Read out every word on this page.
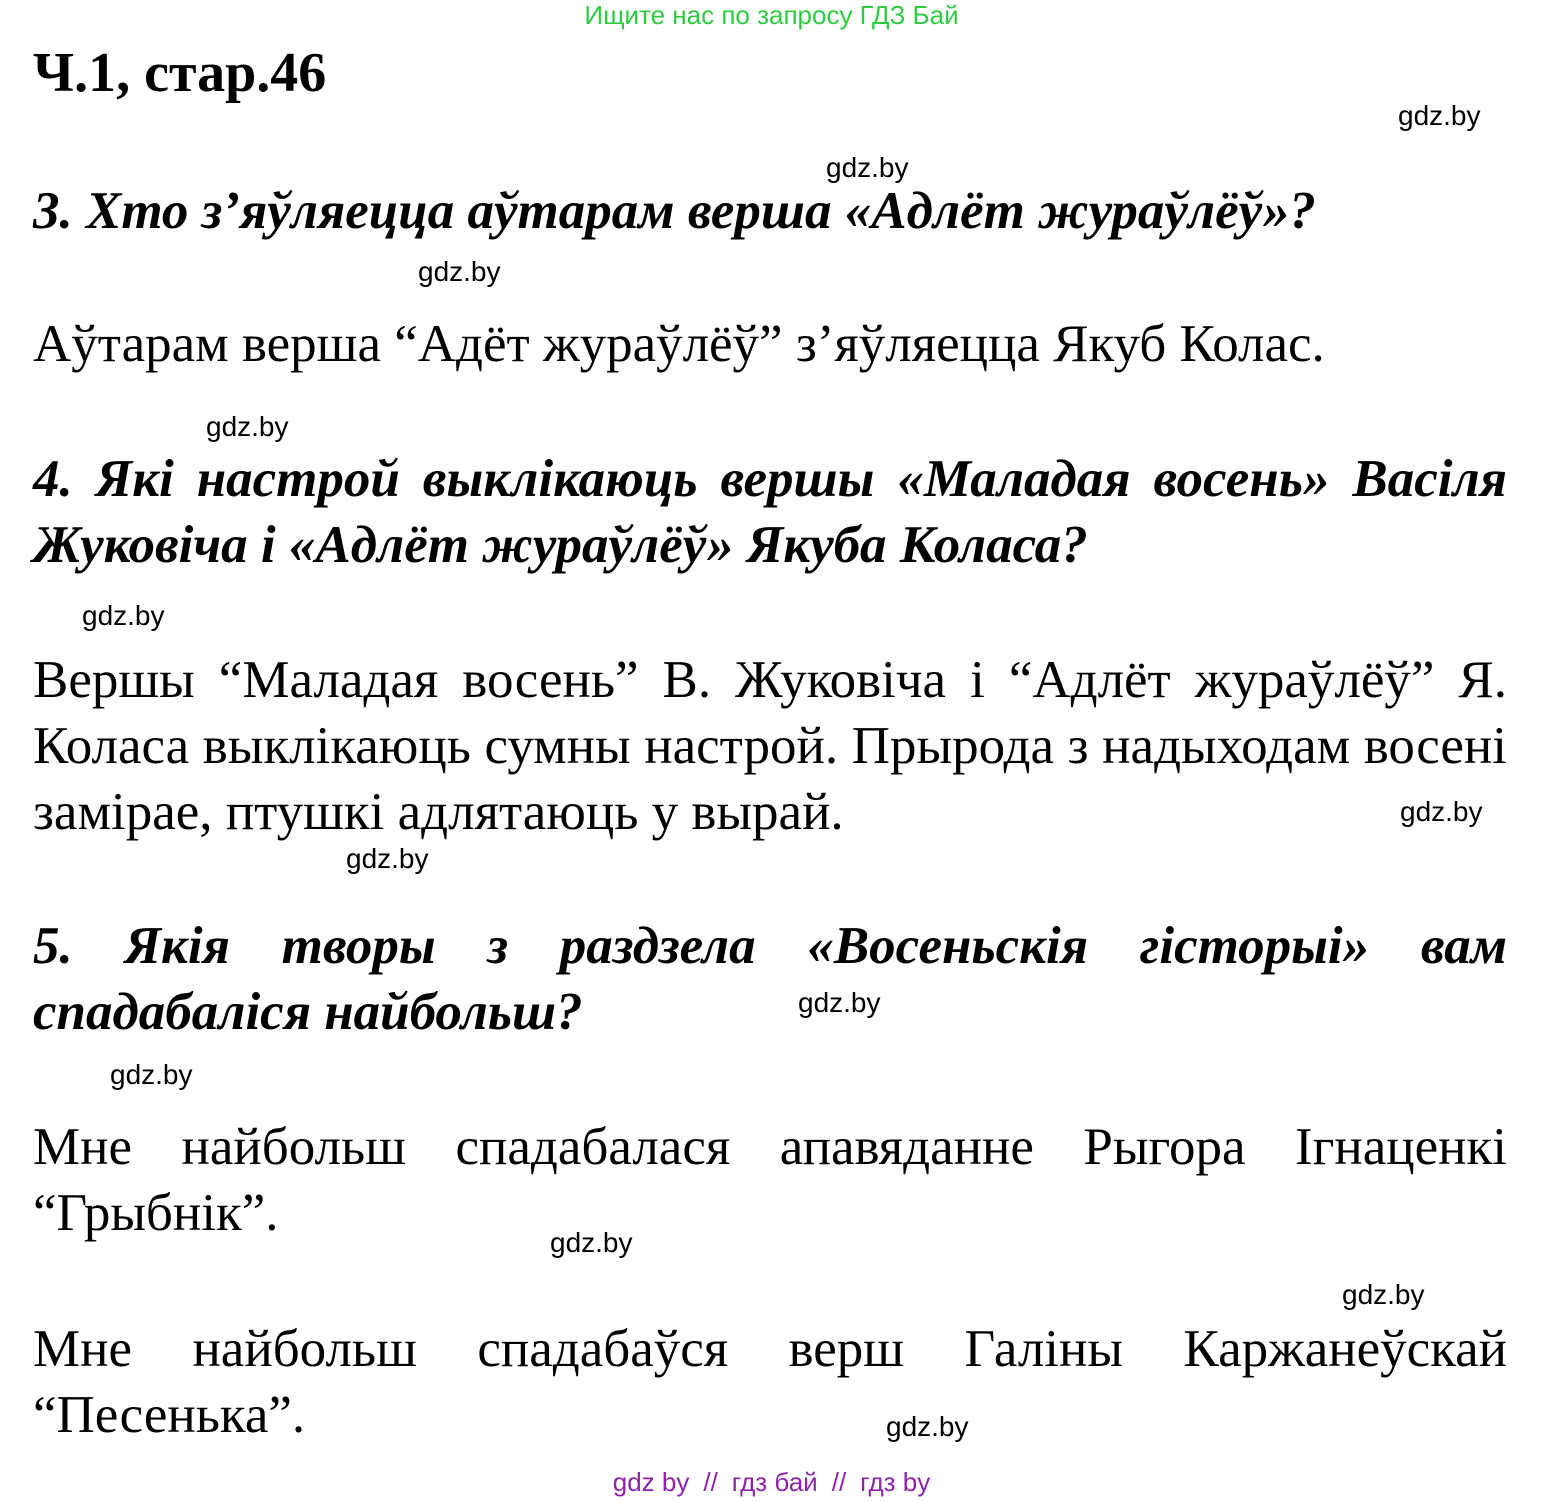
Ищите нас по запросу ГДЗ Бай
Ч.1, стар.46
gdz.by
gdz.by

3. Хто з’яўляецца аўтарам верша «Адлёт жураўлёў»?

gdz.by

Аўтарам верша “Адёт жураўлёў” з’яўляецца Якуб Колас.

gdz.by

4. Які настрой выклікаюць вершы «Маладая восень» Васіля Жуковіча і «Адлёт жураўлёў» Якуба Коласа?

gdz.by

Вершы “Маладая восень” В. Жуковіча і “Адлёт жураўлёў” Я. Коласа выклікаюць сумны настрой. Прырода з надыходам восені замірае, птушкі адлятаюць у вырай.	gdz.by
gdz.by

5. Якія творы з раздзела «Восеньскія гісторыі» вам спадабаліся найбольш?	gdz.by
gdz.by

Мне найбольш спадабалася апавяданне Рыгора Ігнаценкі “Грыбнік”.

gdz.by
gdz.by

Мне найбольш спадабаўся верш Галіны Каржанеўскай “Песенька”.	gdz.by
gdz by // гдз бай // гдз by
